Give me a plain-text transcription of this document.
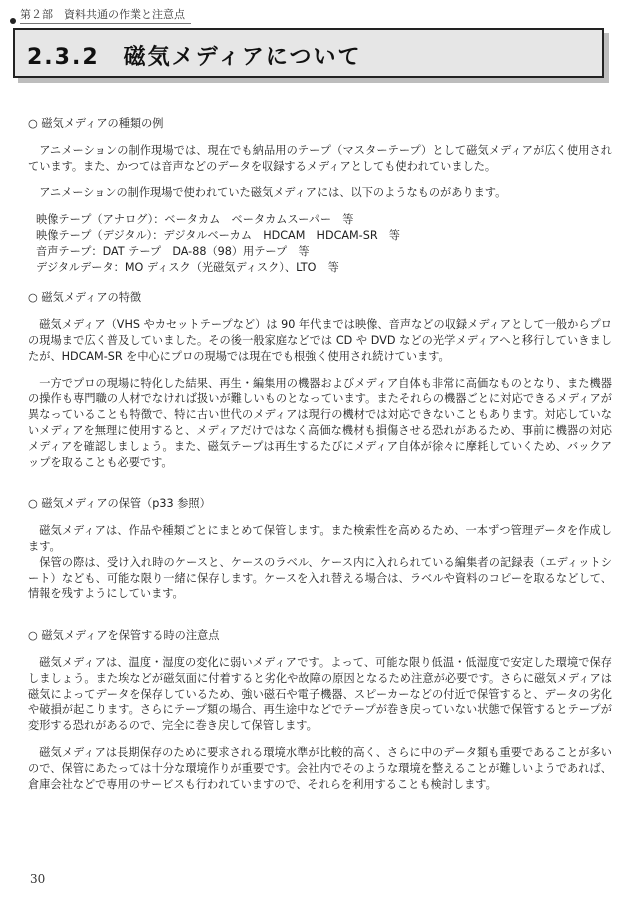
第２部　資料共通の作業と注意点
2.3.2　磁気メディアについて
○ 磁気メディアの種類の例

アニメーションの制作現場では、現在でも納品用のテープ（マスターテープ）として磁気メディアが広く使用されています。また、かつては音声などのデータを収録するメディアとしても使われていました。

アニメーションの制作現場で使われていた磁気メディアには、以下のようなものがあります。

映像テープ（アナログ）：ベータカム　ベータカムスーパー　等
映像テープ（デジタル）：デジタルベーカム　HDCAM　HDCAM-SR　等
音声テープ：DAT テープ　DA-88（98）用テープ　等
デジタルデータ：MO ディスク（光磁気ディスク）、LTO　等
○ 磁気メディアの特徴

磁気メディア（VHS やカセットテープなど）は 90 年代までは映像、音声などの収録メディアとして一般からプロの現場まで広く普及していました。その後一般家庭などでは CD や DVD などの光学メディアへと移行していきましたが、HDCAM-SR を中心にプロの現場では現在でも根強く使用され続けています。

一方でプロの現場に特化した結果、再生・編集用の機器およびメディア自体も非常に高価なものとなり、また機器の操作も専門職の人材でなければ扱いが難しいものとなっています。またそれらの機器ごとに対応できるメディアが異なっていることも特徴で、特に古い世代のメディアは現行の機材では対応できないこともあります。対応していないメディアを無理に使用すると、メディアだけではなく高価な機材も損傷させる恐れがあるため、事前に機器の対応メディアを確認しましょう。また、磁気テープは再生するたびにメディア自体が徐々に摩耗していくため、バックアップを取ることも必要です。

○ 磁気メディアの保管（p33 参照）

磁気メディアは、作品や種類ごとにまとめて保管します。また検索性を高めるため、一本ずつ管理データを作成します。

保管の際は、受け入れ時のケースと、ケースのラベル、ケース内に入れられている編集者の記録表（エディットシート）なども、可能な限り一緒に保存します。ケースを入れ替える場合は、ラベルや資料のコピーを取るなどして、情報を残すようにしています。

○ 磁気メディアを保管する時の注意点

磁気メディアは、温度・湿度の変化に弱いメディアです。よって、可能な限り低温・低湿度で安定した環境で保存しましょう。また埃などが磁気面に付着すると劣化や故障の原因となるため注意が必要です。さらに磁気メディアは磁気によってデータを保存しているため、強い磁石や電子機器、スピーカーなどの付近で保管すると、データの劣化や破損が起こります。さらにテープ類の場合、再生途中などでテープが巻き戻っていない状態で保管するとテープが変形する恐れがあるので、完全に巻き戻して保管します。

磁気メディアは長期保存のために要求される環境水準が比較的高く、さらに中のデータ類も重要であることが多いので、保管にあたっては十分な環境作りが重要です。会社内でそのような環境を整えることが難しいようであれば、倉庫会社などで専用のサービスも行われていますので、それらを利用することも検討します。

30
